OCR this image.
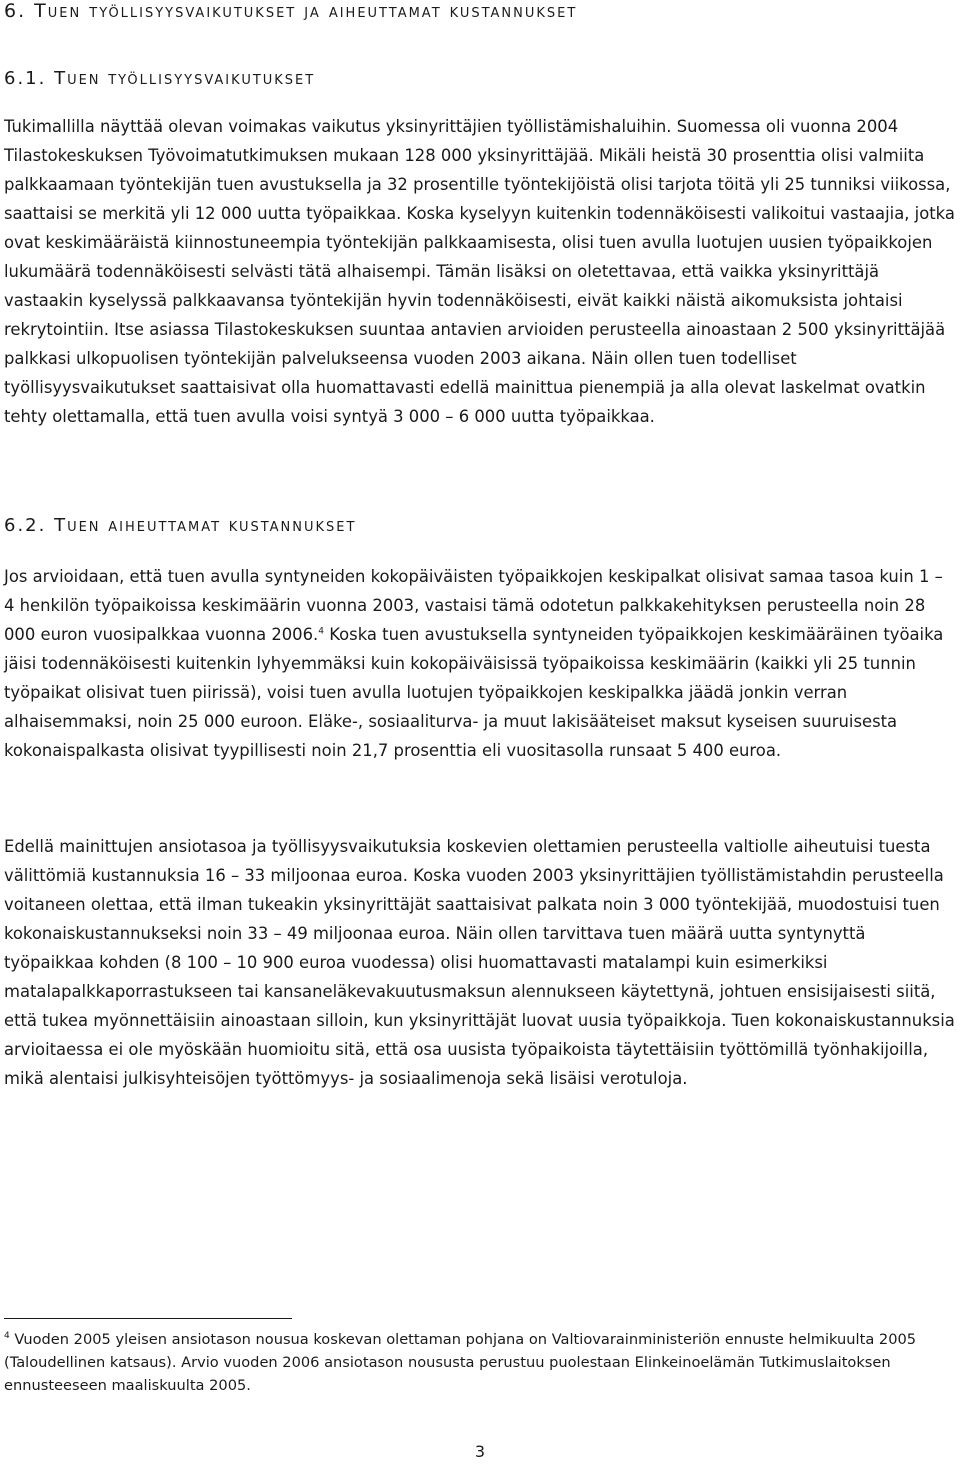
6. Tuen työllisyysvaikutukset ja aiheuttamat kustannukset
6.1. Tuen työllisyysvaikutukset

Tukimallilla näyttää olevan voimakas vaikutus yksinyrittäjien työllistämishaluihin. Suomessa oli vuonna 2004 Tilastokeskuksen Työvoimatutkimuksen mukaan 128 000 yksinyrittäjää. Mikäli heistä 30 prosenttia olisi valmiita palkkaamaan työntekijän tuen avustuksella ja 32 prosentille työntekijöistä olisi tarjota töitä yli 25 tunniksi viikossa, saattaisi se merkitä yli 12 000 uutta työpaikkaa. Koska kyselyyn kuitenkin todennäköisesti valikoitui vastaajia, jotka ovat keskimääräistä kiinnostuneempia työntekijän palkkaamisesta, olisi tuen avulla luotujen uusien työpaikkojen lukumäärä todennäköisesti selvästi tätä alhaisempi. Tämän lisäksi on oletettavaa, että vaikka yksinyrittäjä vastaakin kyselyssä palkkaavansa työntekijän hyvin todennäköisesti, eivät kaikki näistä aikomuksista johtaisi rekrytointiin. Itse asiassa Tilastokeskuksen suuntaa antavien arvioiden perusteella ainoastaan 2 500 yksinyrittäjää palkkasi ulkopuolisen työntekijän palvelukseensa vuoden 2003 aikana. Näin ollen tuen todelliset työllisyysvaikutukset saattaisivat olla huomattavasti edellä mainittua pienempiä ja alla olevat laskelmat ovatkin tehty olettamalla, että tuen avulla voisi syntyä 3 000 – 6 000 uutta työpaikkaa.

6.2. Tuen aiheuttamat kustannukset

Jos arvioidaan, että tuen avulla syntyneiden kokopäiväisten työpaikkojen keskipalkat olisivat samaa tasoa kuin 1 – 4 henkilön työpaikoissa keskimäärin vuonna 2003, vastaisi tämä odotetun palkkakehityksen perusteella noin 28 000 euron vuosipalkkaa vuonna 2006.$^4$ Koska tuen avustuksella syntyneiden työpaikkojen keskimääräinen työaika jäisi todennäköisesti kuitenkin lyhyemmäksi kuin kokopäiväisissä työpaikoissa keskimäärin (kaikki yli 25 tunnin työpaikat olisivat tuen piirissä), voisi tuen avulla luotujen työpaikkojen keskipalkka jäädä jonkin verran alhaisemmaksi, noin 25 000 euroon. Eläke-, sosiaaliturva- ja muut lakisääteiset maksut kyseisen suuruisesta kokonaispalkasta olisivat tyypillisesti noin 21,7 prosenttia eli vuositasolla runsaat 5 400 euroa.

Edellä mainittujen ansiotasoa ja työllisyysvaikutuksia koskevien olettamien perusteella valtiolle aiheutuisi tuesta välittömiä kustannuksia 16 – 33 miljoonaa euroa. Koska vuoden 2003 yksinyrittäjien työllistämistahdin perusteella voitaneen olettaa, että ilman tukeakin yksinyrittäjät saattaisivat palkata noin 3 000 työntekijää, muodostuisi tuen kokonaiskustannukseksi noin 33 – 49 miljoonaa euroa. Näin ollen tarvittava tuen määrä uutta syntynyttä työpaikkaa kohden (8 100 – 10 900 euroa vuodessa) olisi huomattavasti matalampi kuin esimerkiksi matalapalkkaporrastukseen tai kansaneläkevakuutusmaksun alennukseen käytettynä, johtuen ensisijaisesti siitä, että tukea myönnettäisiin ainoastaan silloin, kun yksinyrittäjät luovat uusia työpaikkoja. Tuen kokonaiskustannuksia arvioitaessa ei ole myöskään huomioitu sitä, että osa uusista työpaikoista täytettäisiin työttömillä työnhakijoilla, mikä alentaisi julkisyhteisöjen työttömyys- ja sosiaalimenoja sekä lisäisi verotuloja.

$^4$ Vuoden 2005 yleisen ansiotason nousua koskevan olettaman pohjana on Valtiovarainministeriön ennuste helmikuulta 2005 (Taloudellinen katsaus). Arvio vuoden 2006 ansiotason noususta perustuu puolestaan Elinkeinoelämän Tutkimuslaitoksen ennusteeseen maaliskuulta 2005.

3
